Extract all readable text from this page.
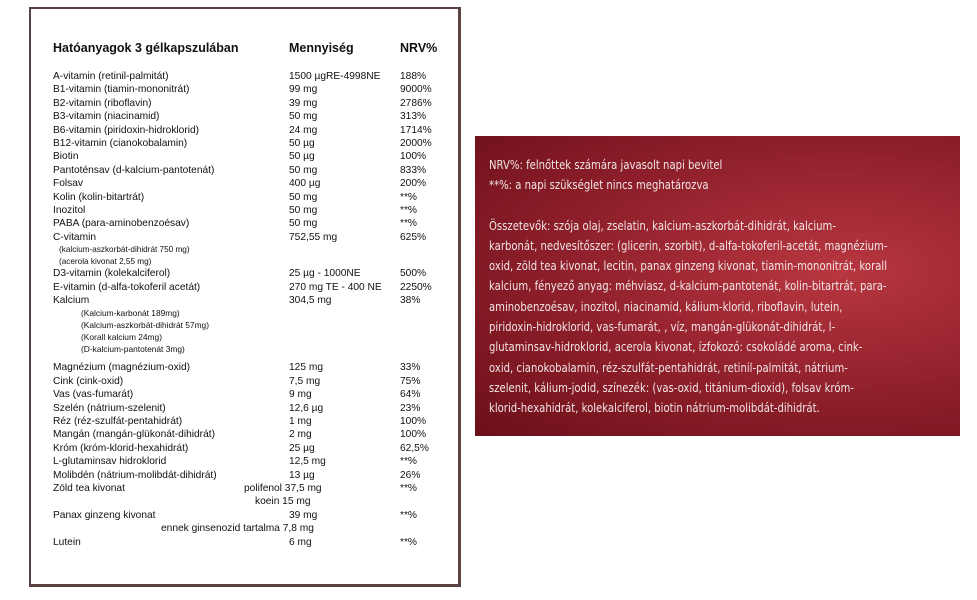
Hatóanyagok 3 gélkapszulában	Mennyiség	NRV%
A-vitamin (retinil-palmitát)	1500 µgRE-4998NE 188%
B1-vitamin (tiamin-mononitrát)	99 mg	9000%
B2-vitamin (riboflavin)	39 mg	2786%
B3-vitamin (niacinamid)	50 mg	313%
B6-vitamin (piridoxin-hidroklorid)	24 mg	1714%
B12-vitamin (cianokobalamin)	50 µg	2000%
Biotin	50 µg	100%
Pantoténsav (d-kalcium-pantotenát)	50 mg	833%
Folsav	400 µg	200%
Kolin (kolin-bitartrát)	50 mg	**%
Inozitol	50 mg	**%
PABA (para-aminobenzoésav)	50 mg	**%
C-vitamin	752,55 mg	625%
(kalcium-aszkorbát-dihidrát 750 mg)
(acerola kivonat 2,55 mg)
D3-vitamin (kolekalciferol)	25 µg - 1000NE	500%
E-vitamin (d-alfa-tokoferil acetát)	270 mg TE - 400 NE 2250%
Kalcium	304,5 mg	38%
(Kalcium-karbonát 189mg)
(Kalcium-aszkorbát-dihidrát 57mg)
(Korall kalcium 24mg)
(D-kalcium-pantotenát 3mg)
Magnézium (magnézium-oxid)	125 mg	33%
Cink (cink-oxid)	7,5 mg	75%
Vas (vas-fumarát)	9 mg	64%
Szelén (nátrium-szelenit)	12,6 µg	23%
Réz (réz-szulfát-pentahidrát)	1 mg	100%
Mangán (mangán-glükonát-dihidrát)	2 mg	100%
Króm (króm-klorid-hexahidrát)	25 µg	62,5%
L-glutaminsav hidroklorid	12,5 mg	**%
Molibdén (nátrium-molibdát-dihidrát)	13 µg	26%
Zöld tea kivonat	polifenol 37,5 mg	**%
koein 15 mg
Panax ginzeng kivonat	39 mg	**%
ennek ginsenozid tartalma 7,8 mg
Lutein	6 mg	**%

NRV%: felnőttek számára javasolt napi bevitel

**%: a napi szükséglet nincs meghatározva

Összetevők: szója olaj, zselatin, kalcium-aszkorbát-dihidrát, kalcium-

karbonát, nedvesítőszer: (glicerin, szorbit), d-alfa-tokoferil-acetát, magnézium-

oxid, zöld tea kivonat, lecitin, panax ginzeng kivonat, tiamin-mononitrát, korall

kalcium, fényező anyag: méhviasz, d-kalcium-pantotenát, kolin-bitartrát, para-

aminobenzoésav, inozitol, niacinamid, kálium-klorid, riboflavin, lutein,

piridoxin-hidroklorid, vas-fumarát, , víz, mangán-glükonát-dihidrát, l-

glutaminsav-hidroklorid, acerola kivonat, ízfokozó: csokoládé aroma, cink-

oxid, cianokobalamin, réz-szulfát-pentahidrát, retinil-palmitát, nátrium-

szelenit, kálium-jodid, színezék: (vas-oxid, titánium-dioxid), folsav króm-

klorid-hexahidrát, kolekalciferol, biotin nátrium-molibdát-dihidrát.
